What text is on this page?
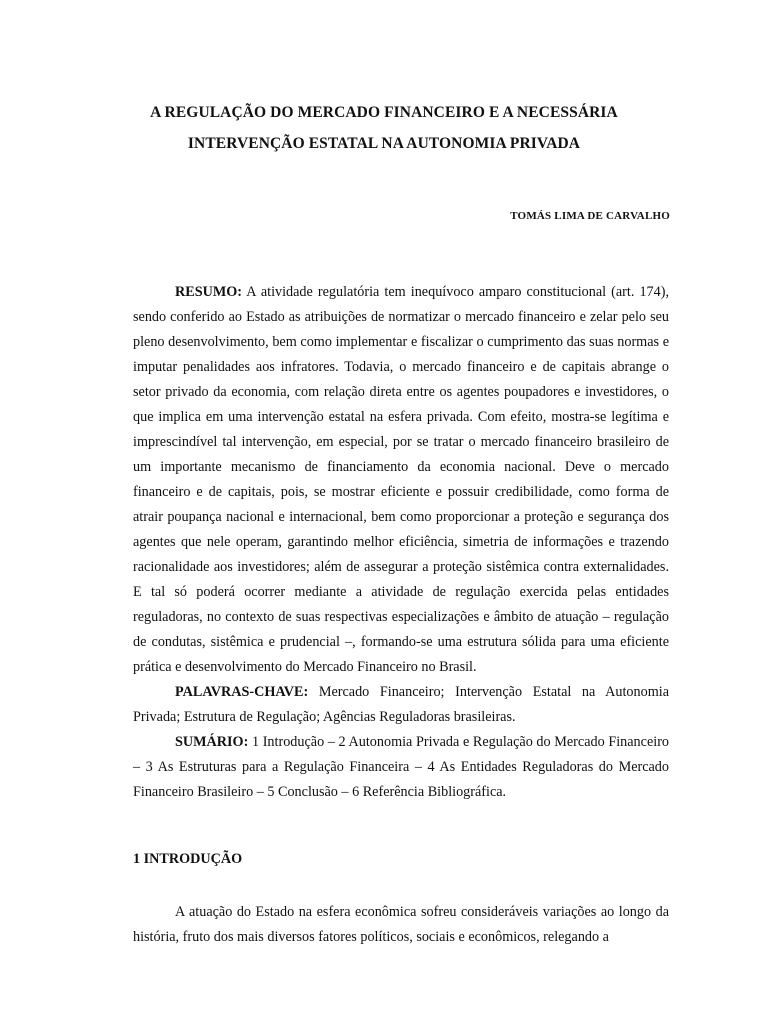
A REGULAÇÃO DO MERCADO FINANCEIRO E A NECESSÁRIA
INTERVENÇÃO ESTATAL NA AUTONOMIA PRIVADA
TOMÁS LIMA DE CARVALHO

RESUMO: A atividade regulatória tem inequívoco amparo constitucional (art. 174), sendo conferido ao Estado as atribuições de normatizar o mercado financeiro e zelar pelo seu pleno desenvolvimento, bem como implementar e fiscalizar o cumprimento das suas normas e imputar penalidades aos infratores. Todavia, o mercado financeiro e de capitais abrange o setor privado da economia, com relação direta entre os agentes poupadores e investidores, o que implica em uma intervenção estatal na esfera privada. Com efeito, mostra-se legítima e imprescindível tal intervenção, em especial, por se tratar o mercado financeiro brasileiro de um importante mecanismo de financiamento da economia nacional. Deve o mercado financeiro e de capitais, pois, se mostrar eficiente e possuir credibilidade, como forma de atrair poupança nacional e internacional, bem como proporcionar a proteção e segurança dos agentes que nele operam, garantindo melhor eficiência, simetria de informações e trazendo racionalidade aos investidores; além de assegurar a proteção sistêmica contra externalidades. E tal só poderá ocorrer mediante a atividade de regulação exercida pelas entidades reguladoras, no contexto de suas respectivas especializações e âmbito de atuação – regulação de condutas, sistêmica e prudencial –, formando-se uma estrutura sólida para uma eficiente prática e desenvolvimento do Mercado Financeiro no Brasil.

PALAVRAS-CHAVE: Mercado Financeiro; Intervenção Estatal na Autonomia Privada; Estrutura de Regulação; Agências Reguladoras brasileiras.

SUMÁRIO: 1 Introdução – 2 Autonomia Privada e Regulação do Mercado Financeiro – 3 As Estruturas para a Regulação Financeira – 4 As Entidades Reguladoras do Mercado Financeiro Brasileiro – 5 Conclusão – 6 Referência Bibliográfica.

1 INTRODUÇÃO

A atuação do Estado na esfera econômica sofreu consideráveis variações ao longo da história, fruto dos mais diversos fatores políticos, sociais e econômicos, relegando a
